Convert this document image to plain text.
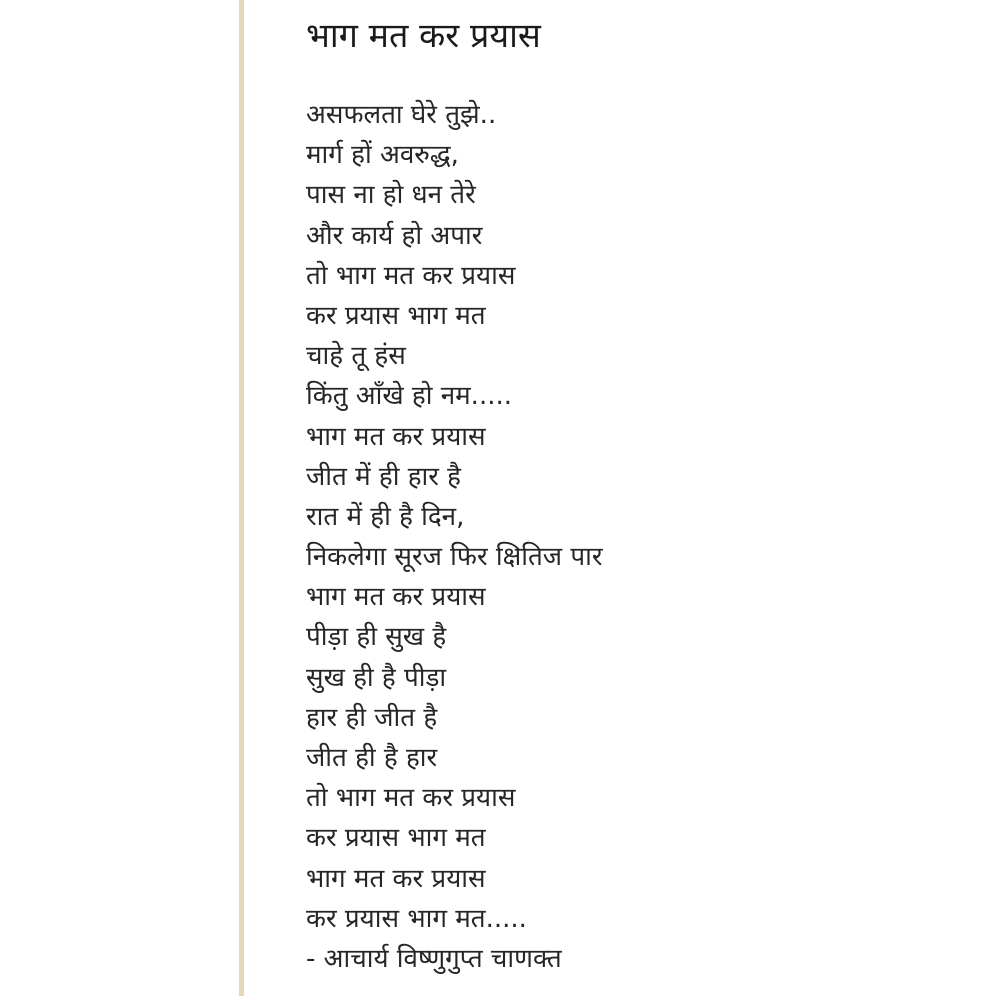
भाग मत कर प्रयास
असफलता घेरे तुझे..
मार्ग हों अवरुद्ध,
पास ना हो धन तेरे
और कार्य हो अपार
तो भाग मत कर प्रयास
कर प्रयास भाग मत
चाहे तू हंस
किंतु आँखे हो नम.....
भाग मत कर प्रयास
जीत में ही हार है
रात में ही है दिन,
निकलेगा सूरज फिर क्षितिज पार
भाग मत कर प्रयास
पीड़ा ही सुख है
सुख ही है पीड़ा
हार ही जीत है
जीत ही है हार
तो भाग मत कर प्रयास
कर प्रयास भाग मत
भाग मत कर प्रयास
कर प्रयास भाग मत.....
- आचार्य विष्णुगुप्त चाणक्त
